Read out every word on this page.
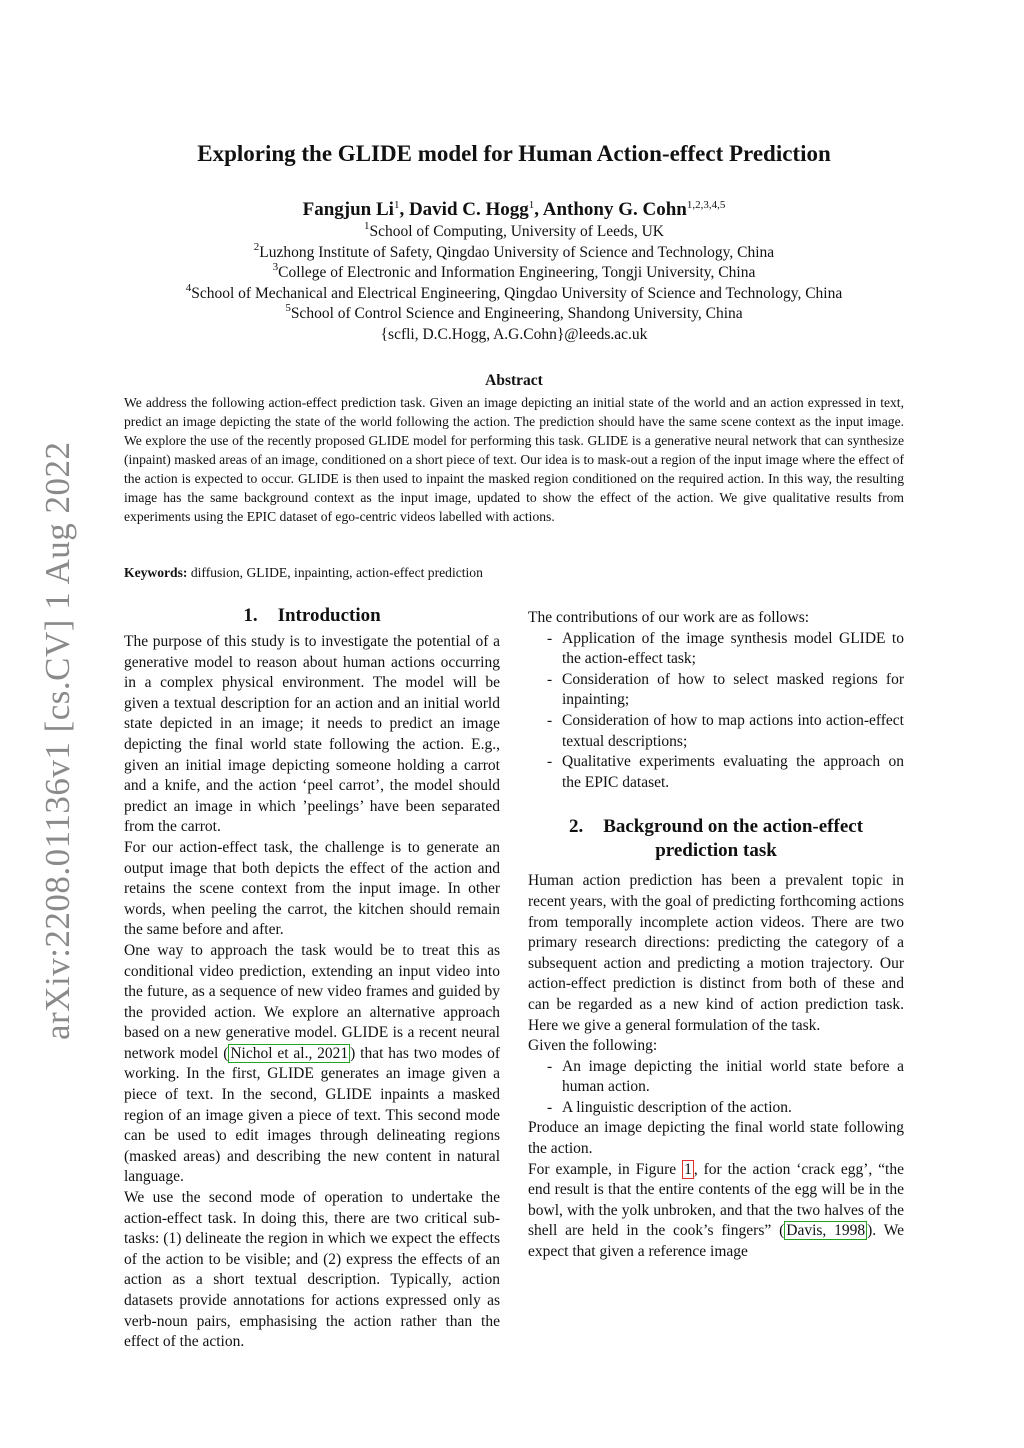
arXiv:2208.01136v1 [cs.CV] 1 Aug 2022
Exploring the GLIDE model for Human Action-effect Prediction
Fangjun Li$^1$, David C. Hogg$^1$, Anthony G. Cohn$^{1,2,3,4,5}$
$^1$School of Computing, University of Leeds, UK
$^2$Luzhong Institute of Safety, Qingdao University of Science and Technology, China
$^3$College of Electronic and Information Engineering, Tongji University, China
$^4$School of Mechanical and Electrical Engineering, Qingdao University of Science and Technology, China
$^5$School of Control Science and Engineering, Shandong University, China
{scfli, D.C.Hogg, A.G.Cohn}@leeds.ac.uk
Abstract
We address the following action-effect prediction task. Given an image depicting an initial state of the world and an action expressed in text, predict an image depicting the state of the world following the action. The prediction should have the same scene context as the input image. We explore the use of the recently proposed GLIDE model for performing this task. GLIDE is a generative neural network that can synthesize (inpaint) masked areas of an image, conditioned on a short piece of text. Our idea is to mask-out a region of the input image where the effect of the action is expected to occur. GLIDE is then used to inpaint the masked region conditioned on the required action. In this way, the resulting image has the same background context as the input image, updated to show the effect of the action. We give qualitative results from experiments using the EPIC dataset of ego-centric videos labelled with actions.
Keywords: diffusion, GLIDE, inpainting, action-effect prediction
1. Introduction

The purpose of this study is to investigate the potential of a generative model to reason about human actions occurring in a complex physical environment. The model will be given a textual description for an action and an initial world state depicted in an image; it needs to predict an image depicting the final world state following the action. E.g., given an initial image depicting someone holding a carrot and a knife, and the action ‘peel carrot’, the model should predict an image in which ’peelings’ have been separated from the carrot.

For our action-effect task, the challenge is to generate an output image that both depicts the effect of the action and retains the scene context from the input image. In other words, when peeling the carrot, the kitchen should remain the same before and after.

One way to approach the task would be to treat this as conditional video prediction, extending an input video into the future, as a sequence of new video frames and guided by the provided action. We explore an alternative approach based on a new generative model. GLIDE is a recent neural network model ( Nichol et al., 2021 ) that has two modes of working. In the first, GLIDE generates an image given a piece of text. In the second, GLIDE inpaints a masked region of an image given a piece of text. This second mode can be used to edit images through delineating regions (masked areas) and describing the new content in natural language.

We use the second mode of operation to undertake the action-effect task. In doing this, there are two critical sub-tasks: (1) delineate the region in which we expect the effects of the action to be visible; and (2) express the effects of an action as a short textual description. Typically, action datasets provide annotations for actions expressed only as verb-noun pairs, emphasising the action rather than the effect of the action.

The contributions of our work are as follows:

- Application of the image synthesis model GLIDE to the action-effect task;
- Consideration of how to select masked regions for inpainting;
- Consideration of how to map actions into action-effect textual descriptions;
- Qualitative experiments evaluating the approach on the EPIC dataset.
2. Background on the action-effect prediction task

Human action prediction has been a prevalent topic in recent years, with the goal of predicting forthcoming actions from temporally incomplete action videos. There are two primary research directions: predicting the category of a subsequent action and predicting a motion trajectory. Our action-effect prediction is distinct from both of these and can be regarded as a new kind of action prediction task. Here we give a general formulation of the task.

Given the following:

- An image depicting the initial world state before a human action.
- A linguistic description of the action.

Produce an image depicting the final world state following the action.

For example, in Figure 1 , for the action ‘crack egg’, “the end result is that the entire contents of the egg will be in the bowl, with the yolk unbroken, and that the two halves of the shell are held in the cook’s fingers” ( Davis, 1998 ). We expect that given a reference image
